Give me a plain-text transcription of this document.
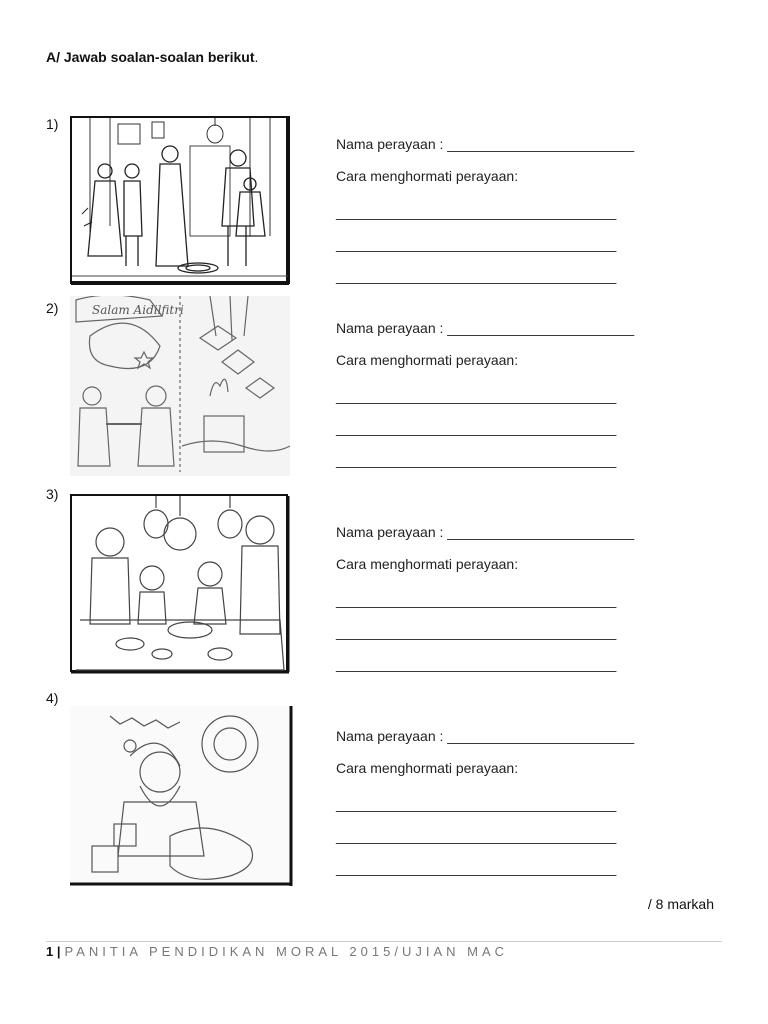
A/ Jawab soalan-soalan berikut.
1)
Nama perayaan : ________________________
Cara menghormati perayaan:
____________________________________
____________________________________
____________________________________
2)	Salam Aidilfitri
Nama perayaan : ________________________
Cara menghormati perayaan:
____________________________________
____________________________________
____________________________________
3)
Nama perayaan : ________________________
Cara menghormati perayaan:
____________________________________
____________________________________
____________________________________
4)
Nama perayaan : ________________________
Cara menghormati perayaan:
____________________________________
____________________________________
____________________________________
/ 8 markah
1 | PANITIA PENDIDIKAN MORAL 2015/UJIAN MAC
